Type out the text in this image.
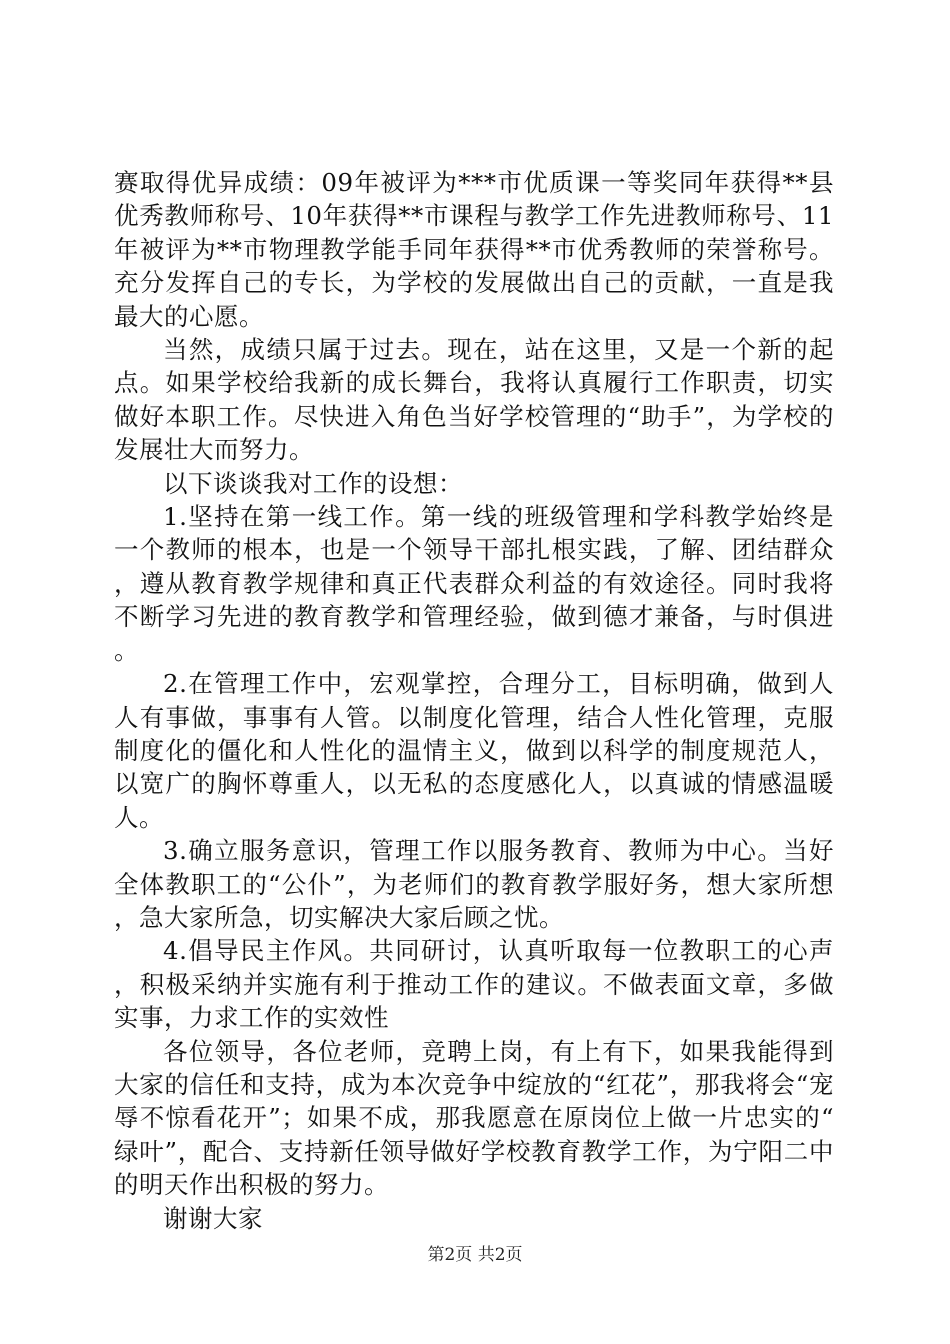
赛取得优异成绩：09年被评为***市优质课一等奖同年获得**县优秀教师称号、10年获得**市课程与教学工作先进教师称号、11年被评为**市物理教学能手同年获得**市优秀教师的荣誉称号。充分发挥自己的专长，为学校的发展做出自己的贡献，一直是我最大的心愿。

当然，成绩只属于过去。现在，站在这里，又是一个新的起点。如果学校给我新的成长舞台，我将认真履行工作职责，切实做好本职工作。尽快进入角色当好学校管理的“助手”，为学校的发展壮大而努力。

以下谈谈我对工作的设想：

1.坚持在第一线工作。第一线的班级管理和学科教学始终是一个教师的根本，也是一个领导干部扎根实践，了解、团结群众，遵从教育教学规律和真正代表群众利益的有效途径。同时我将不断学习先进的教育教学和管理经验，做到德才兼备，与时俱进。

2.在管理工作中，宏观掌控，合理分工，目标明确，做到人人有事做，事事有人管。以制度化管理，结合人性化管理，克服制度化的僵化和人性化的温情主义，做到以科学的制度规范人，以宽广的胸怀尊重人，以无私的态度感化人，以真诚的情感温暖人。

3.确立服务意识，管理工作以服务教育、教师为中心。当好全体教职工的“公仆”，为老师们的教育教学服好务，想大家所想，急大家所急，切实解决大家后顾之忧。

4.倡导民主作风。共同研讨，认真听取每一位教职工的心声，积极采纳并实施有利于推动工作的建议。不做表面文章，多做实事，力求工作的实效性

各位领导，各位老师，竞聘上岗，有上有下，如果我能得到大家的信任和支持，成为本次竞争中绽放的“红花”，那我将会“宠辱不惊看花开”；如果不成，那我愿意在原岗位上做一片忠实的“绿叶”，配合、支持新任领导做好学校教育教学工作，为宁阳二中的明天作出积极的努力。

谢谢大家

第2页 共2页
